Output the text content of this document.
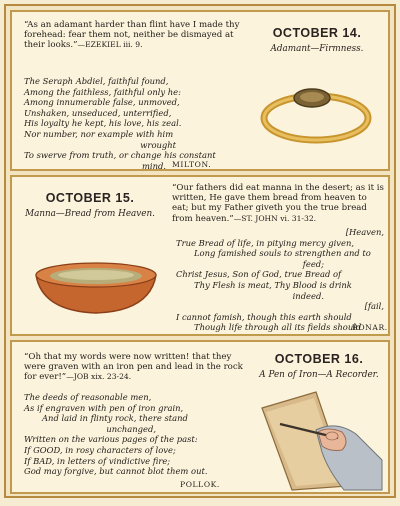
“As an adamant harder than flint have I made thy forehead: fear them not, neither be dismayed at their looks.”—EZEKIEL iii. 9.
The Seraph Abdiel, faithful found,
Among the faithless, faithful only he:
Among innumerable false, unmoved,
Unshaken, unseduced, unterrified,
His loyalty he kept, his love, his zeal.
Nor number, nor example with him
wrought
To swerve from truth, or change his constant
mind. MILTON.
OCTOBER 14.
Adamant—Firmness.
OCTOBER 15.
Manna—Bread from Heaven.
“Our fathers did eat manna in the desert; as it is written, He gave them bread from heaven to eat; but my Father giveth you the true bread from heaven.”—ST. JOHN vi. 31-32.
[Heaven,
True Bread of life, in pitying mercy given,
Long famished souls to strengthen and to
feed;
Christ Jesus, Son of God, true Bread of
Thy Flesh is meat, Thy Blood is drink
indeed.
[fail,
I cannot famish, though this earth should
Though life through all its fields should
BONAR.
“Oh that my words were now written! that they were graven with an iron pen and lead in the rock for ever!”—JOB xix. 23-24.
The deeds of reasonable men,
As if engraven with pen of iron grain,
And laid in flinty rock, there stand
unchanged,
Written on the various pages of the past:
If GOOD, in rosy characters of love;
If BAD, in letters of vindictive fire;
God may forgive, but cannot blot them out.
POLLOK.
OCTOBER 16.
A Pen of Iron—A Recorder.
